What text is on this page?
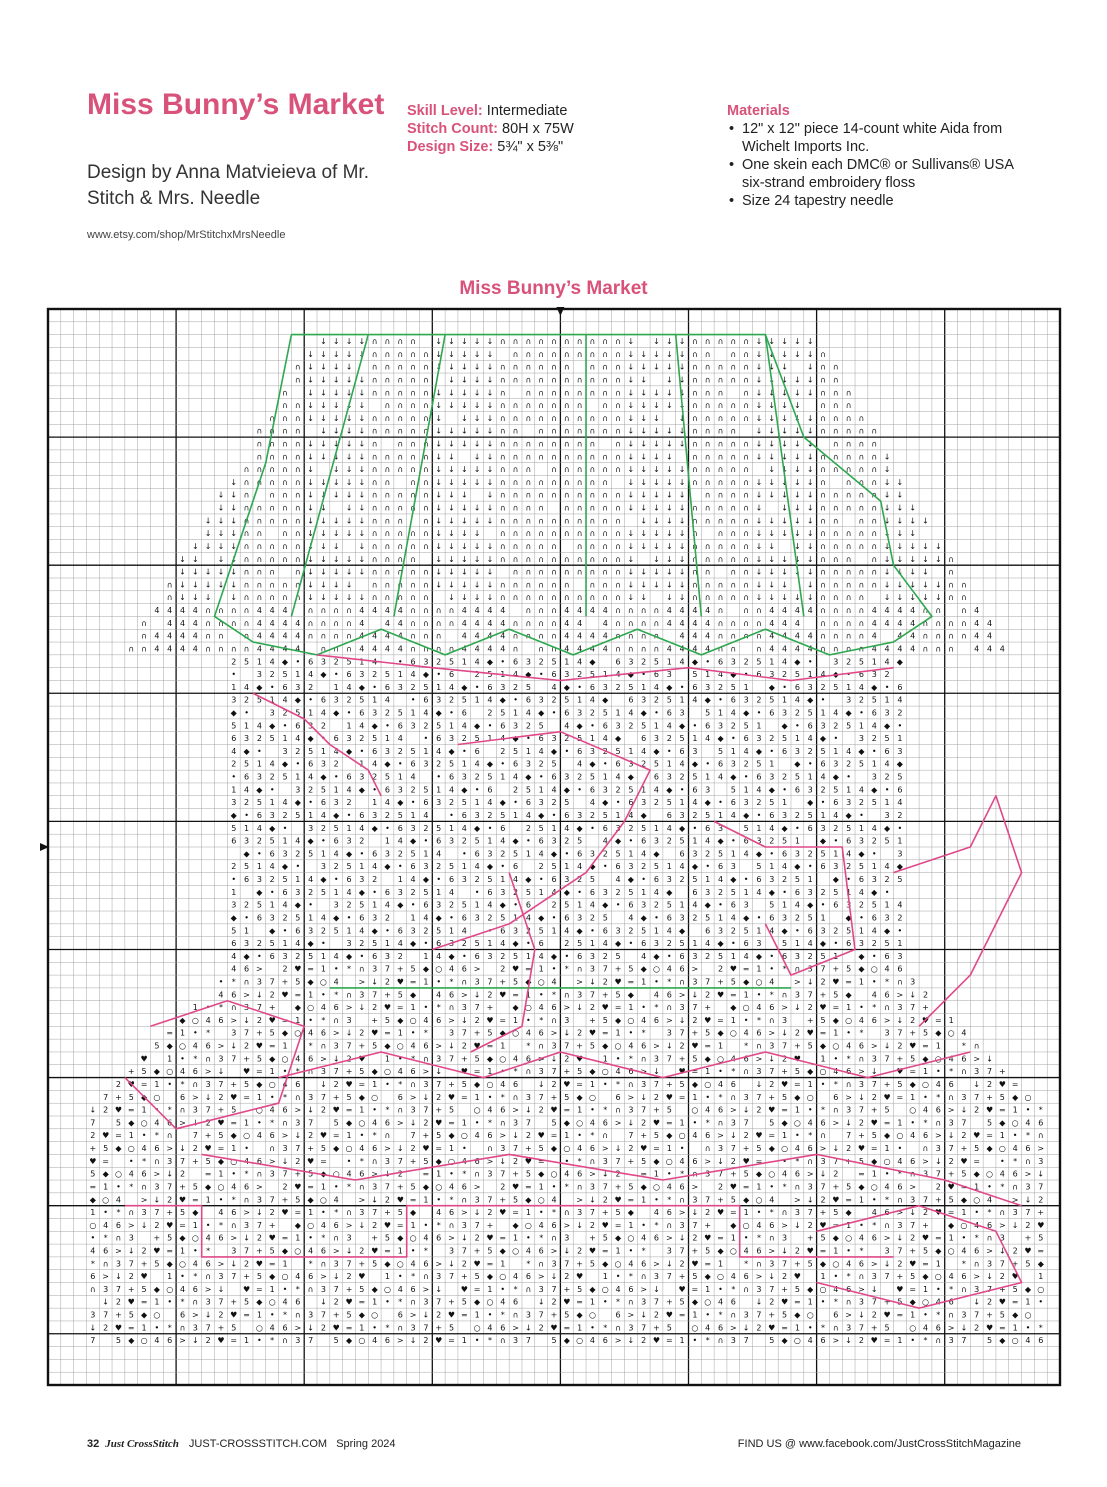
Miss Bunny’s Market
Design by Anna Matvieieva of Mr. Stitch & Mrs. Needle
www.etsy.com/shop/MrStitchxMrsNeedle
Skill Level: Intermediate
Stitch Count: 80H x 75W
Design Size: 5¾" x 5⅜"
Materials
• 12" x 12" piece 14-count white Aida from Wichelt Imports Inc.
• One skein each DMC® or Sullivans® USA six-strand embroidery floss
• Size 24 tapestry needle
Miss Bunny’s Market
↓ ↓ ↓ ↓ ∩ ∩ ∩ ∩ ↓ ↓ ↓ ↓ ↓ ∩ ∩ ∩ ∩ ∩ ∩ ∩ ∩ ∩ ∩ ↓ ↓ ↓ ↓ ∩ ∩ ∩ ∩ ∩ ↓ ↓ ↓ ↓ ↓
↓ ↓ ↓ ↓ ↓ ∩ ∩ ∩ ∩ ∩ ↓ ↓ ↓ ↓ ↓ ∩ ∩ ∩ ∩ ∩ ∩ ∩ ∩ ∩ ↓ ↓ ↓ ↓ ↓ ∩ ∩ ∩ ∩ ↓ ↓ ↓ ↓ ↓ ∩
∩ ↓ ↓ ↓ ↓ ∩ ∩ ∩ ∩ ∩ ↓ ↓ ↓ ↓ ↓ ∩ ∩ ∩ ∩ ∩ ∩ ∩ ∩ ∩ ↓ ↓ ↓ ↓ ↓ ∩ ∩ ∩ ∩ ∩ ↓ ↓ ↓ ↓ ∩ ∩
∩ ↓ ↓ ↓ ↓ ↓ ∩ ∩ ∩ ∩ ∩ ↓ ↓ ↓ ↓ ∩ ∩ ∩ ∩ ∩ ∩ ∩ ∩ ∩ ∩ ↓ ↓ ↓ ↓ ∩ ∩ ∩ ∩ ∩ ↓ ↓ ↓ ↓ ↓ ∩ ∩
∩ ↓ ↓ ↓ ↓ ↓ ∩ ∩ ∩ ∩ ∩ ↓ ↓ ↓ ↓ ↓ ∩ ∩ ∩ ∩ ∩ ∩ ∩ ∩ ∩ ↓ ↓ ↓ ↓ ↓ ∩ ∩ ∩ ∩ ↓ ↓ ↓ ↓ ↓ ∩ ∩ ∩
∩ ∩ ↓ ↓ ↓ ↓ ↓ ∩ ∩ ∩ ∩ ↓ ↓ ↓ ↓ ↓ ∩ ∩ ∩ ∩ ∩ ∩ ∩ ∩ ∩ ↓ ↓ ↓ ↓ ↓ ∩ ∩ ∩ ∩ ∩ ↓ ↓ ↓ ↓ ∩ ∩ ∩
∩ ∩ ∩ ↓ ↓ ↓ ↓ ↓ ∩ ∩ ∩ ∩ ∩ ↓ ↓ ↓ ↓ ∩ ∩ ∩ ∩ ∩ ∩ ∩ ∩ ∩ ∩ ↓ ↓ ↓ ↓ ∩ ∩ ∩ ∩ ∩ ↓ ↓ ↓ ↓ ↓ ∩ ∩ ∩ ∩
∩ ∩ ∩ ∩ ↓ ↓ ↓ ↓ ∩ ∩ ∩ ∩ ∩ ↓ ↓ ↓ ↓ ↓ ∩ ∩ ∩ ∩ ∩ ∩ ∩ ∩ ∩ ↓ ↓ ↓ ↓ ↓ ∩ ∩ ∩ ∩ ↓ ↓ ↓ ↓ ↓ ∩ ∩ ∩ ∩ ∩
∩ ∩ ∩ ∩ ↓ ↓ ↓ ↓ ↓ ∩ ∩ ∩ ∩ ↓ ↓ ↓ ↓ ↓ ∩ ∩ ∩ ∩ ∩ ∩ ∩ ∩ ∩ ↓ ↓ ↓ ↓ ↓ ∩ ∩ ∩ ∩ ∩ ↓ ↓ ↓ ↓ ↓ ∩ ∩ ∩ ∩
∩ ∩ ∩ ∩ ↓ ↓ ↓ ↓ ↓ ∩ ∩ ∩ ∩ ∩ ↓ ↓ ↓ ↓ ∩ ∩ ∩ ∩ ∩ ∩ ∩ ∩ ∩ ∩ ↓ ↓ ↓ ↓ ∩ ∩ ∩ ∩ ∩ ↓ ↓ ↓ ↓ ↓ ∩ ∩ ∩ ∩ ∩ ↓
∩ ∩ ∩ ∩ ∩ ↓ ↓ ↓ ↓ ∩ ∩ ∩ ∩ ∩ ↓ ↓ ↓ ↓ ↓ ∩ ∩ ∩ ∩ ∩ ∩ ∩ ∩ ∩ ↓ ↓ ↓ ↓ ↓ ∩ ∩ ∩ ∩ ∩ ↓ ↓ ↓ ↓ ∩ ∩ ∩ ∩ ∩ ↓
↓ ∩ ∩ ∩ ∩ ∩ ↓ ↓ ↓ ↓ ↓ ∩ ∩ ∩ ∩ ↓ ↓ ↓ ↓ ↓ ∩ ∩ ∩ ∩ ∩ ∩ ∩ ∩ ∩ ↓ ↓ ↓ ↓ ↓ ∩ ∩ ∩ ∩ ∩ ↓ ↓ ↓ ↓ ↓ ∩ ∩ ∩ ∩ ↓ ↓
↓ ↓ ∩ ∩ ∩ ∩ ↓ ↓ ↓ ↓ ↓ ∩ ∩ ∩ ∩ ∩ ↓ ↓ ↓ ↓ ∩ ∩ ∩ ∩ ∩ ∩ ∩ ∩ ∩ ∩ ↓ ↓ ↓ ↓ ↓ ∩ ∩ ∩ ∩ ↓ ↓ ↓ ↓ ↓ ∩ ∩ ∩ ∩ ∩ ↓ ↓
↓ ↓ ∩ ∩ ∩ ∩ ∩ ↓ ↓ ↓ ↓ ∩ ∩ ∩ ∩ ∩ ↓ ↓ ↓ ↓ ↓ ∩ ∩ ∩ ∩ ∩ ∩ ∩ ∩ ∩ ↓ ↓ ↓ ↓ ↓ ∩ ∩ ∩ ∩ ∩ ↓ ↓ ↓ ↓ ∩ ∩ ∩ ∩ ∩ ↓ ↓ ↓
↓ ↓ ↓ ∩ ∩ ∩ ∩ ∩ ↓ ↓ ↓ ↓ ↓ ∩ ∩ ∩ ∩ ↓ ↓ ↓ ↓ ↓ ∩ ∩ ∩ ∩ ∩ ∩ ∩ ∩ ∩ ∩ ↓ ↓ ↓ ↓ ∩ ∩ ∩ ∩ ∩ ↓ ↓ ↓ ↓ ↓ ∩ ∩ ∩ ∩ ↓ ↓ ↓ ↓
↓ ↓ ↓ ∩ ∩ ∩ ∩ ↓ ↓ ↓ ↓ ↓ ∩ ∩ ∩ ∩ ∩ ↓ ↓ ↓ ↓ ∩ ∩ ∩ ∩ ∩ ∩ ∩ ∩ ∩ ∩ ↓ ↓ ↓ ↓ ↓ ∩ ∩ ∩ ∩ ↓ ↓ ↓ ↓ ↓ ∩ ∩ ∩ ∩ ∩ ↓ ↓ ↓
↓ ↓ ↓ ↓ ∩ ∩ ∩ ∩ ∩ ↓ ↓ ↓ ↓ ∩ ∩ ∩ ∩ ∩ ↓ ↓ ↓ ↓ ↓ ∩ ∩ ∩ ∩ ∩ ∩ ∩ ∩ ∩ ↓ ↓ ↓ ↓ ↓ ∩ ∩ ∩ ∩ ∩ ↓ ↓ ↓ ↓ ∩ ∩ ∩ ∩ ∩ ↓ ↓ ↓ ↓ ↓
↓ ↓ ↓ ↓ ∩ ∩ ∩ ∩ ∩ ↓ ↓ ↓ ↓ ↓ ∩ ∩ ∩ ∩ ↓ ↓ ↓ ↓ ↓ ∩ ∩ ∩ ∩ ∩ ∩ ∩ ∩ ∩ ∩ ↓ ↓ ↓ ↓ ∩ ∩ ∩ ∩ ∩ ↓ ↓ ↓ ↓ ↓ ∩ ∩ ∩ ∩ ↓ ↓ ↓ ↓ ↓ ∩
↓ ↓ ↓ ↓ ↓ ∩ ∩ ∩ ∩ ↓ ↓ ↓ ↓ ↓ ∩ ∩ ∩ ∩ ∩ ↓ ↓ ↓ ↓ ↓ ∩ ∩ ∩ ∩ ∩ ∩ ∩ ∩ ∩ ↓ ↓ ↓ ↓ ↓ ∩ ∩ ∩ ∩ ↓ ↓ ↓ ↓ ↓ ∩ ∩ ∩ ∩ ∩ ↓ ↓ ↓ ↓ ∩
∩ ↓ ↓ ↓ ↓ ↓ ∩ ∩ ∩ ∩ ∩ ↓ ↓ ↓ ↓ ∩ ∩ ∩ ∩ ∩ ↓ ↓ ↓ ↓ ↓ ∩ ∩ ∩ ∩ ∩ ∩ ∩ ∩ ∩ ↓ ↓ ↓ ↓ ↓ ∩ ∩ ∩ ∩ ∩ ↓ ↓ ↓ ↓ ∩ ∩ ∩ ∩ ∩ ↓ ↓ ↓ ↓ ↓ ∩ ∩
∩ ↓ ↓ ↓ ↓ ∩ ∩ ∩ ∩ ∩ ↓ ↓ ↓ ↓ ↓ ∩ ∩ ∩ ∩ ∩ ↓ ↓ ↓ ↓ ∩ ∩ ∩ ∩ ∩ ∩ ∩ ∩ ∩ ∩ ↓ ↓ ↓ ↓ ∩ ∩ ∩ ∩ ∩ ↓ ↓ ↓ ↓ ↓ ∩ ∩ ∩ ∩ ↓ ↓ ↓ ↓ ↓ ∩ ∩
4 4 4 4 ∩ ∩ ∩ ∩ 4 4 4	∩ ∩ ∩ ∩ 4 4 4 4 ∩ ∩ ∩ ∩ 4 4 4 4	∩ ∩ ∩ 4 4 4 4 ∩ ∩ ∩ ∩ 4 4 4 4 ∩ ∩ ∩ 4 4 4 4 ∩ ∩ ∩ ∩ 4 4 4 4 ∩ ∩ ∩ 4
∩	4 4 4 ∩ ∩ ∩ ∩ 4 4 4 4 ∩ ∩ ∩ ∩ 4	4 4 ∩ ∩ ∩ ∩ 4 4 4 4 ∩ ∩ ∩ ∩ 4 4	4 ∩ ∩ ∩ ∩ 4 4 4 4 ∩ ∩ ∩ ∩ 4 4 4	∩ ∩ ∩ ∩ 4 4 4 4 ∩ ∩ ∩ ∩ 4 4
∩ 4 4 4 4 ∩ ∩ ∩ 4 4 4 4 ∩ ∩ ∩ ∩ 4 4 4 4 ∩ ∩ ∩	4 4 4 4 ∩ ∩ ∩ ∩ 4 4 4 4 ∩ ∩ ∩ ∩	4 4 4 ∩ ∩ ∩ ∩ 4 4 4 4 ∩ ∩ ∩ ∩ 4	4 4 ∩ ∩ ∩ ∩ 4 4
∩ ∩ 4 4 4 4 ∩ ∩ ∩ ∩ 4 4 4 4	∩ ∩ ∩ 4 4 4 4 ∩ ∩ ∩ ∩ 4 4 4 4 ∩ ∩ ∩ 4 4 4 4 ∩ ∩ ∩ ∩ 4 4 4 4 ∩ ∩ ∩ 4 4 4 4 ∩ ∩ ∩ ∩ 4 4 4 4 ∩ ∩ ∩	4 4 4
2 5 1 4 ◆ • 6 3 2 5 1 4	• 6 3 2 5 1 4 ◆ • 6 3 2 5 1 4 ◆ 6 3 2 5 1 4 ◆ • 6 3 2 5 1 4 ◆ •	3 2 5 1 4 ◆
•	3 2 5 1 4 ◆ • 6 3 2 5 1 4 ◆ • 6	2 5 1 4 ◆ • 6 3 2 5 1 4 ◆ • 6 3	5 1 4 ◆ • 6 3 2 5 1 4 ◆ • 6 3 2
1 4 ◆ • 6 3 2	1 4 ◆ • 6 3 2 5 1 4 ◆ • 6 3 2 5	4 ◆ • 6 3 2 5 1 4 ◆ • 6 3 2 5 1 ◆ • 6 3 2 5 1 4 ◆ • 6
3 2 5 1 4 ◆ • 6 3 2 5 1 4	• 6 3 2 5 1 4 ◆ • 6 3 2 5 1 4 ◆ 6 3 2 5 1 4 ◆ • 6 3 2 5 1 4 ◆ •	3 2 5 1 4
◆ •	3 2 5 1 4 ◆ • 6 3 2 5 1 4 ◆ • 6	2 5 1 4 ◆ • 6 3 2 5 1 4 ◆ • 6 3	5 1 4 ◆ • 6 3 2 5 1 4 ◆ • 6 3 2
5 1 4 ◆ • 6 3 2	1 4 ◆ • 6 3 2 5 1 4 ◆ • 6 3 2 5	4 ◆ • 6 3 2 5 1 4 ◆ • 6 3 2 5 1 ◆ • 6 3 2 5 1 4 ◆ •
6 3 2 5 1 4 ◆ • 6 3 2 5 1 4	• 6 3 2 5 1 4 ◆ • 6 3 2 5 1 4 ◆ 6 3 2 5 1 4 ◆ • 6 3 2 5 1 4 ◆ •	3 2 5 1
4 ◆ •	3 2 5 1 4 ◆ • 6 3 2 5 1 4 ◆ • 6	2 5 1 4 ◆ • 6 3 2 5 1 4 ◆ • 6 3	5 1 4 ◆ • 6 3 2 5 1 4 ◆ • 6 3
2 5 1 4 ◆ • 6 3 2	1 4 ◆ • 6 3 2 5 1 4 ◆ • 6 3 2 5	4 ◆ • 6 3 2 5 1 4 ◆ • 6 3 2 5 1 ◆ • 6 3 2 5 1 4 ◆
• 6 3 2 5 1 4 ◆ • 6 3 2 5 1 4	• 6 3 2 5 1 4 ◆ • 6 3 2 5 1 4 ◆ 6 3 2 5 1 4 ◆ • 6 3 2 5 1 4 ◆ •	3 2 5
1 4 ◆ •	3 2 5 1 4 ◆ • 6 3 2 5 1 4 ◆ • 6	2 5 1 4 ◆ • 6 3 2 5 1 4 ◆ • 6 3	5 1 4 ◆ • 6 3 2 5 1 4 ◆ • 6
3 2 5 1 4 ◆ • 6 3 2	1 4 ◆ • 6 3 2 5 1 4 ◆ • 6 3 2 5	4 ◆ • 6 3 2 5 1 4 ◆ • 6 3 2 5 1 ◆ • 6 3 2 5 1 4
◆ • 6 3 2 5 1 4 ◆ • 6 3 2 5 1 4	• 6 3 2 5 1 4 ◆ • 6 3 2 5 1 4 ◆ 6 3 2 5 1 4 ◆ • 6 3 2 5 1 4 ◆ •	3 2
5 1 4 ◆ •	3 2 5 1 4 ◆ • 6 3 2 5 1 4 ◆ • 6	2 5 1 4 ◆ • 6 3 2 5 1 4 ◆ • 6 3	5 1 4 ◆ • 6 3 2 5 1 4 ◆ •
6 3 2 5 1 4 ◆ • 6 3 2	1 4 ◆ • 6 3 2 5 1 4 ◆ • 6 3 2 5	4 ◆ • 6 3 2 5 1 4 ◆ • 6 3 2 5 1 ◆ • 6 3 2 5 1
◆ • 6 3 2 5 1 4 ◆ • 6 3 2 5 1 4	• 6 3 2 5 1 4 ◆ • 6 3 2 5 1 4 ◆ 6 3 2 5 1 4 ◆ • 6 3 2 5 1 4 ◆ •	3
2 5 1 4 ◆ •	3 2 5 1 4 ◆ • 6 3 2 5 1 4 ◆ • 6	2 5 1 4 ◆ • 6 3 2 5 1 4 ◆ • 6 3	5 1 4 ◆ • 6 3 2 5 1 4 ◆
• 6 3 2 5 1 4 ◆ • 6 3 2	1 4 ◆ • 6 3 2 5 1 4 ◆ • 6 3 2 5	4 ◆ • 6 3 2 5 1 4 ◆ • 6 3 2 5 1 ◆ • 6 3 2 5
1 ◆ • 6 3 2 5 1 4 ◆ • 6 3 2 5 1 4	• 6 3 2 5 1 4 ◆ • 6 3 2 5 1 4 ◆ 6 3 2 5 1 4 ◆ • 6 3 2 5 1 4 ◆ •
3 2 5 1 4 ◆ •	3 2 5 1 4 ◆ • 6 3 2 5 1 4 ◆ • 6	2 5 1 4 ◆ • 6 3 2 5 1 4 ◆ • 6 3	5 1 4 ◆ • 6 3 2 5 1 4
◆ • 6 3 2 5 1 4 ◆ • 6 3 2	1 4 ◆ • 6 3 2 5 1 4 ◆ • 6 3 2 5	4 ◆ • 6 3 2 5 1 4 ◆ • 6 3 2 5 1 ◆ • 6 3 2
5 1 ◆ • 6 3 2 5 1 4 ◆ • 6 3 2 5 1 4	• 6 3 2 5 1 4 ◆ • 6 3 2 5 1 4 ◆ 6 3 2 5 1 4 ◆ • 6 3 2 5 1 4 ◆ •
6 3 2 5 1 4 ◆ •	3 2 5 1 4 ◆ • 6 3 2 5 1 4 ◆ • 6	2 5 1 4 ◆ • 6 3 2 5 1 4 ◆ • 6 3	5 1 4 ◆ • 6 3 2 5 1
4 ◆ • 6 3 2 5 1 4 ◆ • 6 3 2	1 4 ◆ • 6 3 2 5 1 4 ◆ • 6 3 2 5	4 ◆ • 6 3 2 5 1 4 ◆ • 6 3 2 5 1 ◆ • 6 3
4 6 > 2 ♥ = 1 • * ∩ 3 7 + 5 ◆ ○ 4 6 > 2 ♥ = 1 • * ∩ 3 7 + 5 ◆ ○ 4 6 > 2 ♥ = 1 • * ∩ 3 7 + 5 ◆ ○ 4 6
• * ∩ 3 7 + 5 ◆ ○ 4 > ↓ 2 ♥ = 1 • * ∩ 3 7 + 5 ◆ ○ 4 > ↓ 2 ♥ = 1 • * ∩ 3 7 + 5 ◆ ○ 4 > ↓ 2 ♥ = 1 • * ∩ 3
4 6 > ↓ 2 ♥ = 1 • * ∩ 3 7 + 5 ◆ 4 6 > ↓ 2 ♥ = 1 • * ∩ 3 7 + 5 ◆ 4 6 > ↓ 2 ♥ = 1 • * ∩ 3 7 + 5 ◆ 4 6 > ↓ 2
1 • * ∩ 3 7 + ◆ ○ 4 6 > ↓ 2 ♥ = 1 • * ∩ 3 7 + ◆ ○ 4 6 > ↓ 2 ♥ = 1 • * ∩ 3 7 + ◆ ○ 4 6 > ↓ 2 ♥ = 1 • * ∩ 3 7 +
◆ ○ 4 6 > ↓ 2 ♥ = 1 • * ∩ 3 + 5 ◆ ○ 4 6 > ↓ 2 ♥ = 1 • * ∩ 3 + 5 ◆ ○ 4 6 > ↓ 2 ♥ = 1 • * ∩ 3 + 5 ◆ ○ 4 6 > ↓ 2 ♥ = 1
= 1 • *	3 7 + 5 ◆ ○ 4 6 > ↓ 2 ♥ = 1 • *	3 7 + 5 ◆ ○ 4 6 > ↓ 2 ♥ = 1 • *	3 7 + 5 ◆ ○ 4 6 > ↓ 2 ♥ = 1 • *	3 7 + 5 ◆ ○ 4
5 ◆ ○ 4 6 > ↓ 2 ♥ = 1	* ∩ 3 7 + 5 ◆ ○ 4 6 > ↓ 2 ♥ = 1	* ∩ 3 7 + 5 ◆ ○ 4 6 > ↓ 2 ♥ = 1	* ∩ 3 7 + 5 ◆ ○ 4 6 > ↓ 2 ♥ = 1	* ∩
♥ 1 • * ∩ 3 7 + 5 ◆ ○ 4 6 > ↓ 2 ♥ 1 • * ∩ 3 7 + 5 ◆ ○ 4 6 > ↓ 2 ♥ 1 • * ∩ 3 7 + 5 ◆ ○ 4 6 > ↓ 2 ♥ 1 • * ∩ 3 7 + 5 ◆ ○ 4 6 > ↓
+ 5 ◆ ○ 4 6 > ↓ ♥ = 1 • * ∩ 3 7 + 5 ◆ ○ 4 6 > ↓ ♥ = 1 • * ∩ 3 7 + 5 ◆ ○ 4 6 > ↓ ♥ = 1 • * ∩ 3 7 + 5 ◆ ○ 4 6 > ↓ ♥ = 1 • * ∩ 3 7 +
2 ♥ = 1 • * ∩ 3 7 + 5 ◆ ○ 4 6 ↓ 2 ♥ = 1 • * ∩ 3 7 + 5 ◆ ○ 4 6 ↓ 2 ♥ = 1 • * ∩ 3 7 + 5 ◆ ○ 4 6 ↓ 2 ♥ = 1 • * ∩ 3 7 + 5 ◆ ○ 4 6 ↓ 2 ♥ =
7 + 5 ◆ ○ 6 > ↓ 2 ♥ = 1 • * ∩ 3 7 + 5 ◆ ○ 6 > ↓ 2 ♥ = 1 • * ∩ 3 7 + 5 ◆ ○ 6 > ↓ 2 ♥ = 1 • * ∩ 3 7 + 5 ◆ ○ 6 > ↓ 2 ♥ = 1 • * ∩ 3 7 + 5 ◆ ○
↓ 2 ♥ = 1 • * ∩ 3 7 + 5 ○ 4 6 > ↓ 2 ♥ = 1 • * ∩ 3 7 + 5 ○ 4 6 > ↓ 2 ♥ = 1 • * ∩ 3 7 + 5 ○ 4 6 > ↓ 2 ♥ = 1 • * ∩ 3 7 + 5 ○ 4 6 > ↓ 2 ♥ = 1 • *
7	5 ◆ ○ 4 6 > ↓ 2 ♥ = 1 • * ∩ 3 7	5 ◆ ○ 4 6 > ↓ 2 ♥ = 1 • * ∩ 3 7	5 ◆ ○ 4 6 > ↓ 2 ♥ = 1 • * ∩ 3 7	5 ◆ ○ 4 6 > ↓ 2 ♥ = 1 • * ∩ 3 7	5 ◆ ○ 4 6
2 ♥ = 1 • * ∩	7 + 5 ◆ ○ 4 6 > ↓ 2 ♥ = 1 • * ∩	7 + 5 ◆ ○ 4 6 > ↓ 2 ♥ = 1 • * ∩	7 + 5 ◆ ○ 4 6 > ↓ 2 ♥ = 1 • * ∩	7 + 5 ◆ ○ 4 6 > ↓ 2 ♥ = 1 • * ∩
+ 5 ◆ ○ 4 6 > ↓ 2 ♥ = 1 •	∩ 3 7 + 5 ◆ ○ 4 6 > ↓ 2 ♥ = 1 •	∩ 3 7 + 5 ◆ ○ 4 6 > ↓ 2 ♥ = 1 •	∩ 3 7 + 5 ◆ ○ 4 6 > ↓ 2 ♥ = 1 •	∩ 3 7 + 5 ◆ ○ 4 6 >
♥ = • * ∩ 3 7 + 5 ◆ ○ 4 6 > ↓ 2 ♥ = • * ∩ 3 7 + 5 ◆ ○ 4 6 > ↓ 2 ♥ = • * ∩ 3 7 + 5 ◆ ○ 4 6 > ↓ 2 ♥ = • * ∩ 3 7 + 5 ◆ ○ 4 6 > ↓ 2 ♥ = • * ∩ 3
5 ◆ ○ 4 6 > ↓ 2 = 1 • * ∩ 3 7 + 5 ◆ ○ 4 6 > ↓ 2 = 1 • * ∩ 3 7 + 5 ◆ ○ 4 6 > ↓ 2 = 1 • * ∩ 3 7 + 5 ◆ ○ 4 6 > ↓ 2 = 1 • * ∩ 3 7 + 5 ◆ ○ 4 6 > ↓
= 1 • * ∩ 3 7 + 5 ◆ ○ 4 6 > 2 ♥ = 1 • * ∩ 3 7 + 5 ◆ ○ 4 6 > 2 ♥ = 1 • * ∩ 3 7 + 5 ◆ ○ 4 6 > 2 ♥ = 1 • * ∩ 3 7 + 5 ◆ ○ 4 6 > 2 ♥ = 1 • * ∩ 3 7
◆ ○ 4 > ↓ 2 ♥ = 1 • * ∩ 3 7 + 5 ◆ ○ 4 > ↓ 2 ♥ = 1 • * ∩ 3 7 + 5 ◆ ○ 4 > ↓ 2 ♥ = 1 • * ∩ 3 7 + 5 ◆ ○ 4 > ↓ 2 ♥ = 1 • * ∩ 3 7 + 5 ◆ ○ 4 > ↓ 2
1 • * ∩ 3 7 + 5 ◆ 4 6 > ↓ 2 ♥ = 1 • * ∩ 3 7 + 5 ◆ 4 6 > ↓ 2 ♥ = 1 • * ∩ 3 7 + 5 ◆ 4 6 > ↓ 2 ♥ = 1 • * ∩ 3 7 + 5 ◆ 4 6 > ↓ 2 ♥ = 1 • * ∩ 3 7 +
○ 4 6 > ↓ 2 ♥ = 1 • * ∩ 3 7 + ◆ ○ 4 6 > ↓ 2 ♥ = 1 • * ∩ 3 7 + ◆ ○ 4 6 > ↓ 2 ♥ = 1 • * ∩ 3 7 + ◆ ○ 4 6 > ↓ 2 ♥ = 1 • * ∩ 3 7 + ◆ ○ 4 6 > ↓ 2 ♥
• * ∩ 3 + 5 ◆ ○ 4 6 > ↓ 2 ♥ = 1 • * ∩ 3 + 5 ◆ ○ 4 6 > ↓ 2 ♥ = 1 • * ∩ 3 + 5 ◆ ○ 4 6 > ↓ 2 ♥ = 1 • * ∩ 3 + 5 ◆ ○ 4 6 > ↓ 2 ♥ = 1 • * ∩ 3 + 5
4 6 > ↓ 2 ♥ = 1 • *	3 7 + 5 ◆ ○ 4 6 > ↓ 2 ♥ = 1 • *	3 7 + 5 ◆ ○ 4 6 > ↓ 2 ♥ = 1 • *	3 7 + 5 ◆ ○ 4 6 > ↓ 2 ♥ = 1 • *	3 7 + 5 ◆ ○ 4 6 > ↓ 2 ♥ =
* ∩ 3 7 + 5 ◆ ○ 4 6 > ↓ 2 ♥ = 1	* ∩ 3 7 + 5 ◆ ○ 4 6 > ↓ 2 ♥ = 1	* ∩ 3 7 + 5 ◆ ○ 4 6 > ↓ 2 ♥ = 1	* ∩ 3 7 + 5 ◆ ○ 4 6 > ↓ 2 ♥ = 1	* ∩ 3 7 + 5 ◆
6 > ↓ 2 ♥ 1 • * ∩ 3 7 + 5 ◆ ○ 4 6 > ↓ 2 ♥ 1 • * ∩ 3 7 + 5 ◆ ○ 4 6 > ↓ 2 ♥ 1 • * ∩ 3 7 + 5 ◆ ○ 4 6 > ↓ 2 ♥ 1 • * ∩ 3 7 + 5 ◆ ○ 4 6 > ↓ 2 ♥ 1
∩ 3 7 + 5 ◆ ○ 4 6 > ↓ ♥ = 1 • * ∩ 3 7 + 5 ◆ ○ 4 6 > ↓ ♥ = 1 • * ∩ 3 7 + 5 ◆ ○ 4 6 > ↓ ♥ = 1 • * ∩ 3 7 + 5 ◆ ○ 4 6 > ↓ ♥ = 1 • * ∩ 3 7 + 5 ◆ ○
↓ 2 ♥ = 1 • * ∩ 3 7 + 5 ◆ ○ 4 6 ↓ 2 ♥ = 1 • * ∩ 3 7 + 5 ◆ ○ 4 6 ↓ 2 ♥ = 1 • * ∩ 3 7 + 5 ◆ ○ 4 6 ↓ 2 ♥ = 1 • * ∩ 3 7 + 5 ◆ ○ 4 6 ↓ 2 ♥ = 1 •
3 7 + 5 ◆ ○ 6 > ↓ 2 ♥ = 1 • * ∩ 3 7 + 5 ◆ ○ 6 > ↓ 2 ♥ = 1 • * ∩ 3 7 + 5 ◆ ○ 6 > ↓ 2 ♥ = 1 • * ∩ 3 7 + 5 ◆ ○ 6 > ↓ 2 ♥ = 1 • * ∩ 3 7 + 5 ◆ ○
↓ 2 ♥ = 1 • * ∩ 3 7 + 5 ○ 4 6 > ↓ 2 ♥ = 1 • * ∩ 3 7 + 5 ○ 4 6 > ↓ 2 ♥ = 1 • * ∩ 3 7 + 5 ○ 4 6 > ↓ 2 ♥ = 1 • * ∩ 3 7 + 5 ○ 4 6 > ↓ 2 ♥ = 1 • *
7	5 ◆ ○ 4 6 > ↓ 2 ♥ = 1 • * ∩ 3 7	5 ◆ ○ 4 6 > ↓ 2 ♥ = 1 • * ∩ 3 7	5 ◆ ○ 4 6 > ↓ 2 ♥ = 1 • * ∩ 3 7	5 ◆ ○ 4 6 > ↓ 2 ♥ = 1 • * ∩ 3 7	5 ◆ ○ 4 6
32 Just CrossStitch JUST-CROSSSTITCH.COM Spring 2024	FIND US @ www.facebook.com/JustCrossStitchMagazine
